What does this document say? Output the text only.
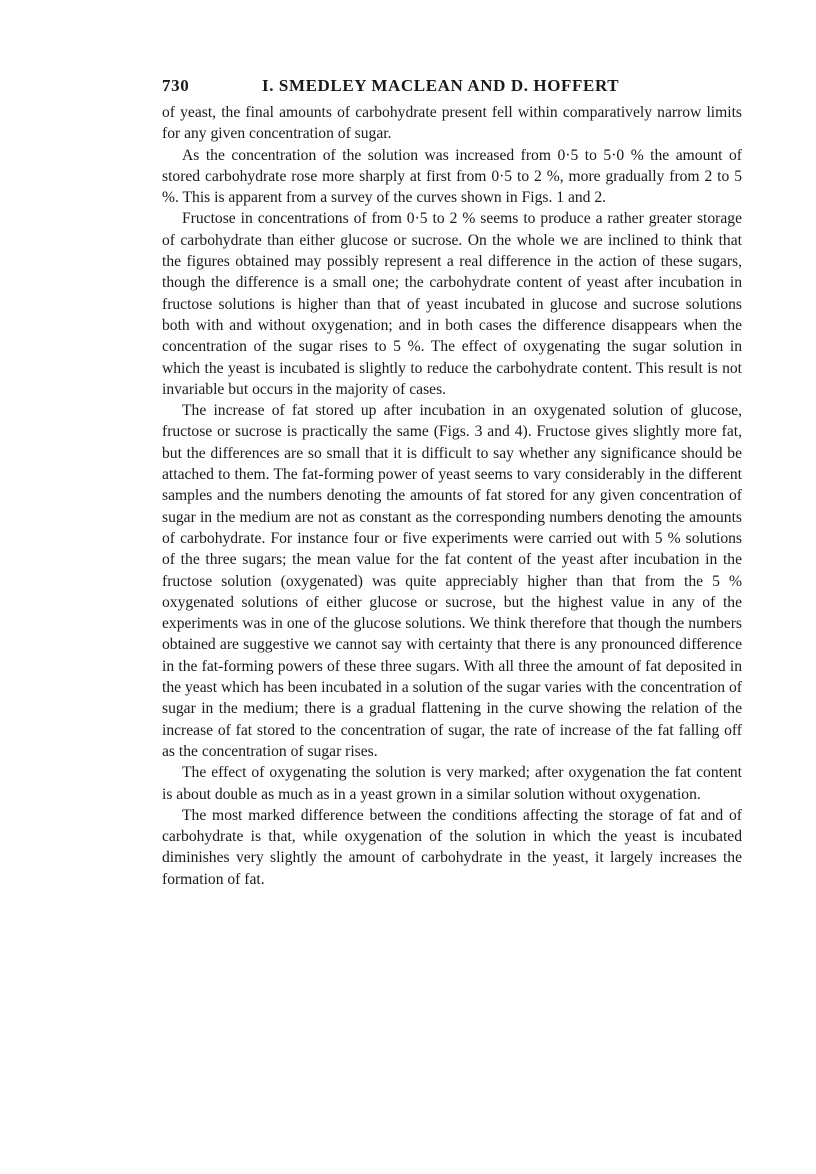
730	I. SMEDLEY MACLEAN AND D. HOFFERT

of yeast, the final amounts of carbohydrate present fell within comparatively narrow limits for any given concentration of sugar.

As the concentration of the solution was increased from 0·5 to 5·0 % the amount of stored carbohydrate rose more sharply at first from 0·5 to 2 %, more gradually from 2 to 5 %. This is apparent from a survey of the curves shown in Figs. 1 and 2.

Fructose in concentrations of from 0·5 to 2 % seems to produce a rather greater storage of carbohydrate than either glucose or sucrose. On the whole we are inclined to think that the figures obtained may possibly represent a real difference in the action of these sugars, though the difference is a small one; the carbohydrate content of yeast after incubation in fructose solutions is higher than that of yeast incubated in glucose and sucrose solutions both with and without oxygenation; and in both cases the difference disappears when the concentration of the sugar rises to 5 %. The effect of oxygenating the sugar solution in which the yeast is incubated is slightly to reduce the carbohydrate content. This result is not invariable but occurs in the majority of cases.

The increase of fat stored up after incubation in an oxygenated solution of glucose, fructose or sucrose is practically the same (Figs. 3 and 4). Fructose gives slightly more fat, but the differences are so small that it is difficult to say whether any significance should be attached to them. The fat-forming power of yeast seems to vary considerably in the different samples and the numbers denoting the amounts of fat stored for any given concentration of sugar in the medium are not as constant as the corresponding numbers denoting the amounts of carbohydrate. For instance four or five experiments were carried out with 5 % solutions of the three sugars; the mean value for the fat content of the yeast after incubation in the fructose solution (oxygenated) was quite appreciably higher than that from the 5 % oxygenated solutions of either glucose or sucrose, but the highest value in any of the experiments was in one of the glucose solutions. We think therefore that though the numbers obtained are suggestive we cannot say with certainty that there is any pronounced difference in the fat-forming powers of these three sugars. With all three the amount of fat deposited in the yeast which has been incubated in a solution of the sugar varies with the concentration of sugar in the medium; there is a gradual flattening in the curve showing the relation of the increase of fat stored to the concentration of sugar, the rate of increase of the fat falling off as the concentration of sugar rises.

The effect of oxygenating the solution is very marked; after oxygenation the fat content is about double as much as in a yeast grown in a similar solution without oxygenation.

The most marked difference between the conditions affecting the storage of fat and of carbohydrate is that, while oxygenation of the solution in which the yeast is incubated diminishes very slightly the amount of carbohydrate in the yeast, it largely increases the formation of fat.
